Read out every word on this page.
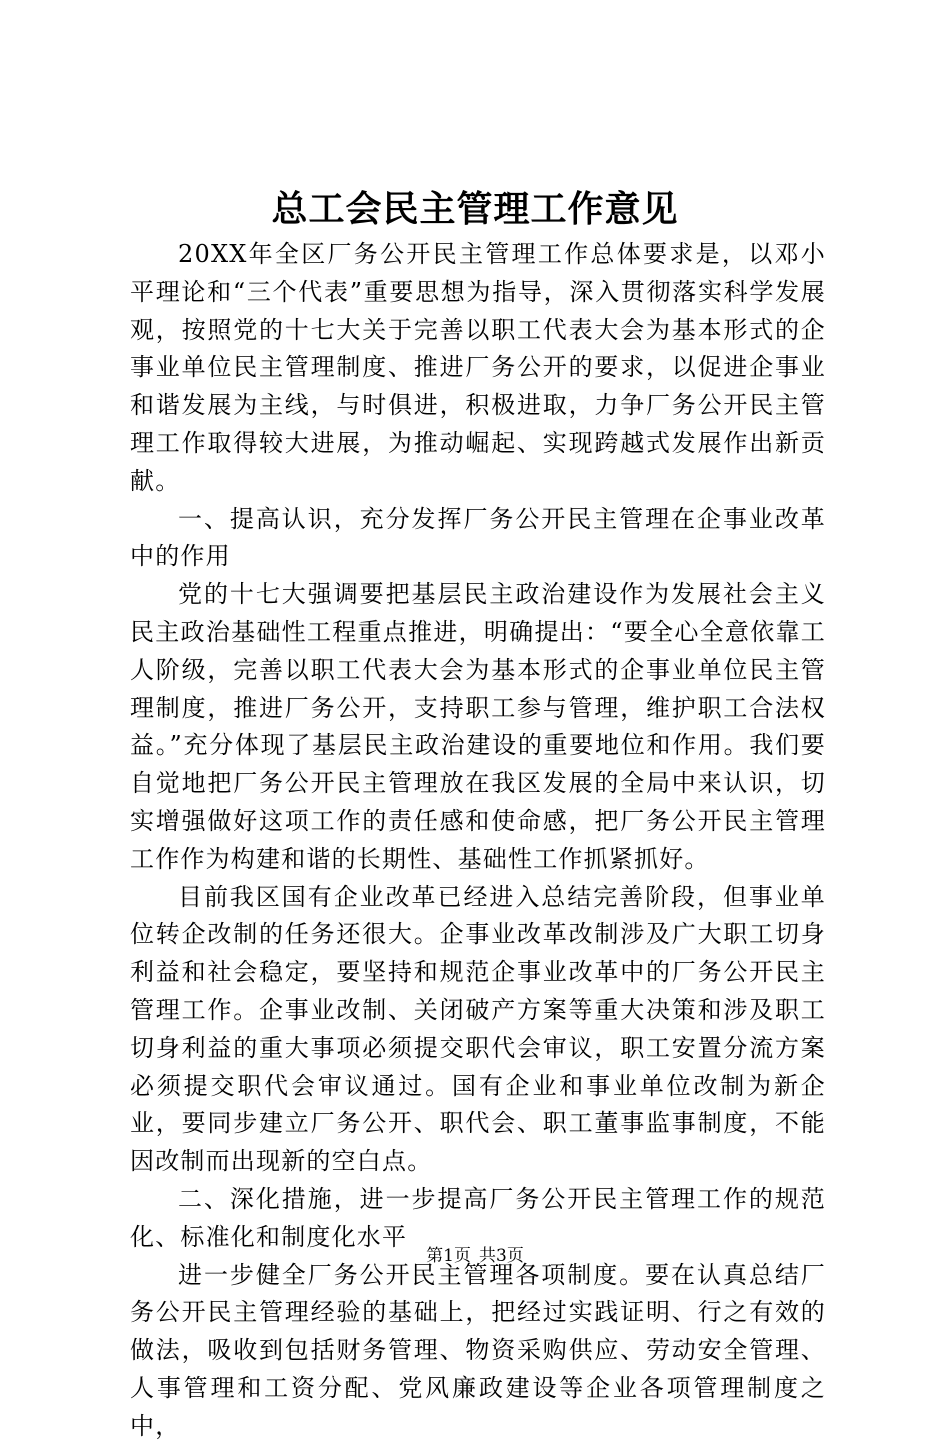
总工会民主管理工作意见

20XX年全区厂务公开民主管理工作总体要求是，以邓小平理论和“三个代表”重要思想为指导，深入贯彻落实科学发展观，按照党的十七大关于完善以职工代表大会为基本形式的企事业单位民主管理制度、推进厂务公开的要求，以促进企事业和谐发展为主线，与时俱进，积极进取，力争厂务公开民主管理工作取得较大进展，为推动崛起、实现跨越式发展作出新贡献。

一、提高认识，充分发挥厂务公开民主管理在企事业改革中的作用

党的十七大强调要把基层民主政治建设作为发展社会主义民主政治基础性工程重点推进，明确提出：“要全心全意依靠工人阶级，完善以职工代表大会为基本形式的企事业单位民主管理制度，推进厂务公开，支持职工参与管理，维护职工合法权益。”充分体现了基层民主政治建设的重要地位和作用。我们要自觉地把厂务公开民主管理放在我区发展的全局中来认识，切实增强做好这项工作的责任感和使命感，把厂务公开民主管理工作作为构建和谐的长期性、基础性工作抓紧抓好。

目前我区国有企业改革已经进入总结完善阶段，但事业单位转企改制的任务还很大。企事业改革改制涉及广大职工切身利益和社会稳定，要坚持和规范企事业改革中的厂务公开民主管理工作。企事业改制、关闭破产方案等重大决策和涉及职工切身利益的重大事项必须提交职代会审议，职工安置分流方案必须提交职代会审议通过。国有企业和事业单位改制为新企业，要同步建立厂务公开、职代会、职工董事监事制度，不能因改制而出现新的空白点。

二、深化措施，进一步提高厂务公开民主管理工作的规范化、标准化和制度化水平

进一步健全厂务公开民主管理各项制度。要在认真总结厂务公开民主管理经验的基础上，把经过实践证明、行之有效的做法，吸收到包括财务管理、物资采购供应、劳动安全管理、人事管理和工资分配、党风廉政建设等企业各项管理制度之中，

第1页 共3页
